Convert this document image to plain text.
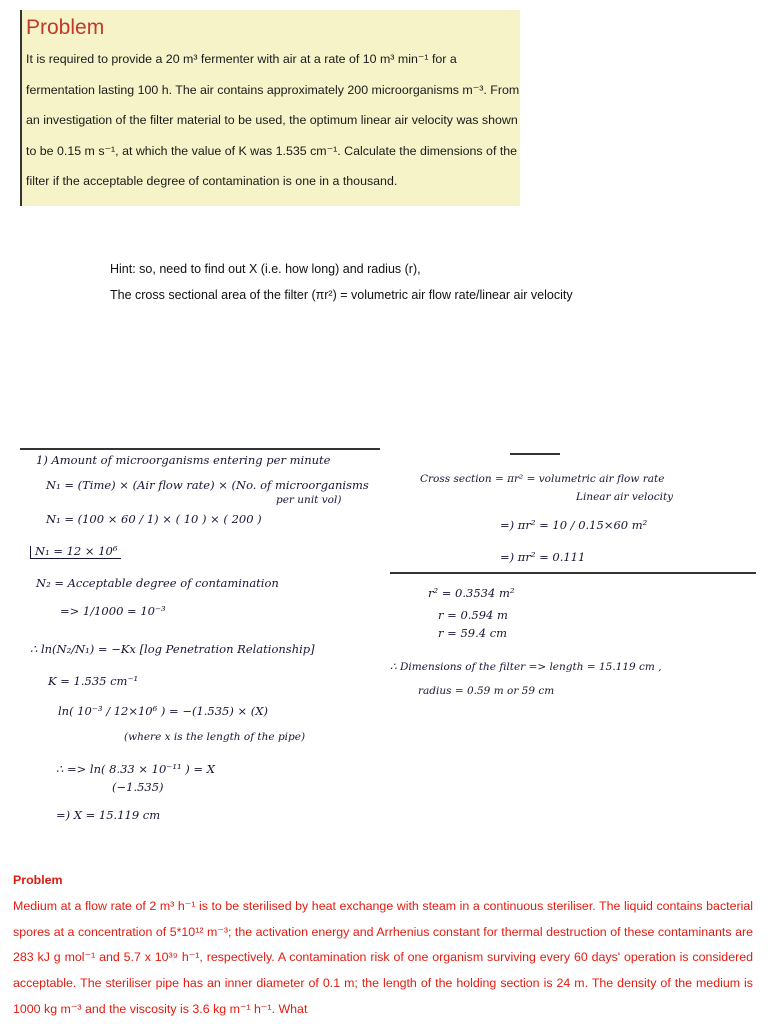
Problem

It is required to provide a 20 m³ fermenter with air at a rate of 10 m³ min⁻¹ for a fermentation lasting 100 h. The air contains approximately 200 microorganisms m⁻³. From an investigation of the filter material to be used, the optimum linear air velocity was shown to be 0.15 m s⁻¹, at which the value of K was 1.535 cm⁻¹. Calculate the dimensions of the filter if the acceptable degree of contamination is one in a thousand.

Hint: so, need to find out X (i.e. how long) and radius (r),
The cross sectional area of the filter (πr²) = volumetric air flow rate/linear air velocity
1) Amount of microorganisms entering per minute
N₁ = (Time) × (Air flow rate) × (No. of microorganisms
per unit vol)
N₁ = (100 × 60 / 1) × ( 10 ) × ( 200 )
N₁ = 12 × 10⁶
N₂ = Acceptable degree of contamination
=> 1/1000 = 10⁻³
∴ ln(N₂/N₁) = −Kx [log Penetration Relationship]
K = 1.535 cm⁻¹
ln( 10⁻³ / 12×10⁶ ) = −(1.535) × (X)
(where x is the length of the pipe)
∴ => ln( 8.33 × 10⁻¹¹ ) = X
(−1.535)
=) X = 15.119 cm
Cross section = πr² = volumetric air flow rate
Linear air velocity
=) πr² = 10 / 0.15×60 m²
=) πr² = 0.111
r² = 0.3534 m²
r = 0.594 m
r = 59.4 cm
∴ Dimensions of the filter => length = 15.119 cm ,
radius = 0.59 m or 59 cm
Problem

Medium at a flow rate of 2 m³ h⁻¹ is to be sterilised by heat exchange with steam in a continuous steriliser. The liquid contains bacterial spores at a concentration of 5*10¹² m⁻³; the activation energy and Arrhenius constant for thermal destruction of these contaminants are 283 kJ g mol⁻¹ and 5.7 x 10³⁹ h⁻¹, respectively. A contamination risk of one organism surviving every 60 days' operation is considered acceptable. The steriliser pipe has an inner diameter of 0.1 m; the length of the holding section is 24 m. The density of the medium is 1000 kg m⁻³ and the viscosity is 3.6 kg m⁻¹ h⁻¹. What
